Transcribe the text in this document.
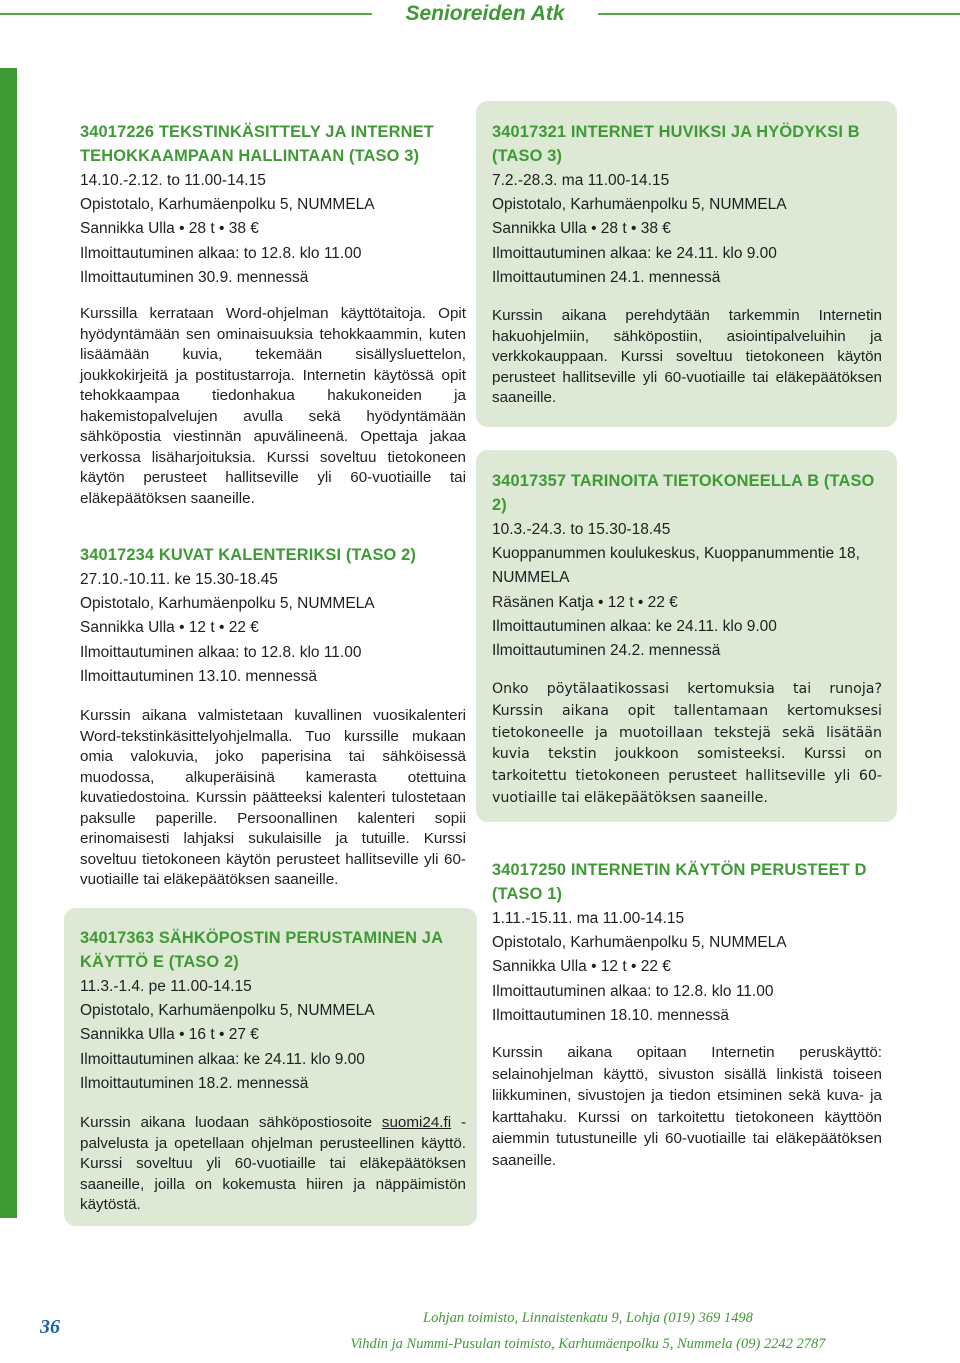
Senioreiden Atk
34017226 TEKSTINKÄSITTELY JA INTERNET TEHOKKAAMPAAN HALLINTAAN (TASO 3)
14.10.-2.12. to 11.00-14.15
Opistotalo, Karhumäenpolku 5, NUMMELA
Sannikka Ulla • 28 t • 38 €
Ilmoittautuminen alkaa: to 12.8. klo 11.00
Ilmoittautuminen 30.9. mennessä
Kurssilla kerrataan Word-ohjelman käyttötaitoja. Opit hyödyntämään sen ominaisuuksia tehokkaammin, kuten lisäämään kuvia, tekemään sisällysluettelon, joukkokirjeitä ja postitustarroja. Internetin käytössä opit tehokkaampaa tiedonhakua hakukoneiden ja hakemistopalvelujen avulla sekä hyödyntämään sähköpostia viestinnän apuvälineenä. Opettaja jakaa verkossa lisäharjoituksia. Kurssi soveltuu tietokoneen käytön perusteet hallitseville yli 60-vuotiaille tai eläkepäätöksen saaneille.
34017234 KUVAT KALENTERIKSI (TASO 2)
27.10.-10.11. ke 15.30-18.45
Opistotalo, Karhumäenpolku 5, NUMMELA
Sannikka Ulla • 12 t • 22 €
Ilmoittautuminen alkaa: to 12.8. klo 11.00
Ilmoittautuminen 13.10. mennessä
Kurssin aikana valmistetaan kuvallinen vuosikalenteri Word-tekstinkäsittelyohjelmalla. Tuo kurssille mukaan omia valokuvia, joko paperisina tai sähköisessä muodossa, alkuperäisinä kamerasta otettuina kuvatiedostoina. Kurssin päätteeksi kalenteri tulostetaan paksulle paperille. Persoonallinen kalenteri sopii erinomaisesti lahjaksi sukulaisille ja tutuille. Kurssi soveltuu tietokoneen käytön perusteet hallitseville yli 60-vuotiaille tai eläkepäätöksen saaneille.
34017363 SÄHKÖPOSTIN PERUSTAMINEN JA KÄYTTÖ E (TASO 2)
11.3.-1.4. pe 11.00-14.15
Opistotalo, Karhumäenpolku 5, NUMMELA
Sannikka Ulla • 16 t • 27 €
Ilmoittautuminen alkaa: ke 24.11. klo 9.00
Ilmoittautuminen 18.2. mennessä
Kurssin aikana luodaan sähköpostiosoite suomi24.fi -palvelusta ja opetellaan ohjelman perusteellinen käyttö. Kurssi soveltuu yli 60-vuotiaille tai eläkepäätöksen saaneille, joilla on kokemusta hiiren ja näppäimistön käytöstä.
34017321 INTERNET HUVIKSI JA HYÖDYKSI B (TASO 3)
7.2.-28.3. ma 11.00-14.15
Opistotalo, Karhumäenpolku 5, NUMMELA
Sannikka Ulla • 28 t • 38 €
Ilmoittautuminen alkaa: ke 24.11. klo 9.00
Ilmoittautuminen 24.1. mennessä
Kurssin aikana perehdytään tarkemmin Internetin hakuohjelmiin, sähköpostiin, asiointipalveluihin ja verkkokauppaan. Kurssi soveltuu tietokoneen käytön perusteet hallitseville yli 60-vuotiaille tai eläkepäätöksen saaneille.
34017357 TARINOITA TIETOKONEELLA B (TASO 2)
10.3.-24.3. to 15.30-18.45
Kuoppanummen koulukeskus, Kuoppanummentie 18, NUMMELA
Räsänen Katja • 12 t • 22 €
Ilmoittautuminen alkaa: ke 24.11. klo 9.00
Ilmoittautuminen 24.2. mennessä
Onko pöytälaatikossasi kertomuksia tai runoja? Kurssin aikana opit tallentamaan kertomuksesi tietokoneelle ja muotoillaan tekstejä sekä lisätään kuvia tekstin joukkoon somisteeksi. Kurssi on tarkoitettu tietokoneen perusteet hallitseville yli 60-vuotiaille tai eläkepäätöksen saaneille.
34017250 INTERNETIN KÄYTÖN PERUSTEET D (TASO 1)
1.11.-15.11. ma 11.00-14.15
Opistotalo, Karhumäenpolku 5, NUMMELA
Sannikka Ulla • 12 t • 22 €
Ilmoittautuminen alkaa: to 12.8. klo 11.00
Ilmoittautuminen 18.10. mennessä
Kurssin aikana opitaan Internetin peruskäyttö: selainohjelman käyttö, sivuston sisällä linkistä toiseen liikkuminen, sivustojen ja tiedon etsiminen sekä kuva- ja karttahaku. Kurssi on tarkoitettu tietokoneen käyttöön aiemmin tutustuneille yli 60-vuotiaille tai eläkepäätöksen saaneille.
36	Lohjan toimisto, Linnaistenkatu 9, Lohja (019) 369 1498
Vihdin ja Nummi-Pusulan toimisto, Karhumäenpolku 5, Nummela (09) 2242 2787
